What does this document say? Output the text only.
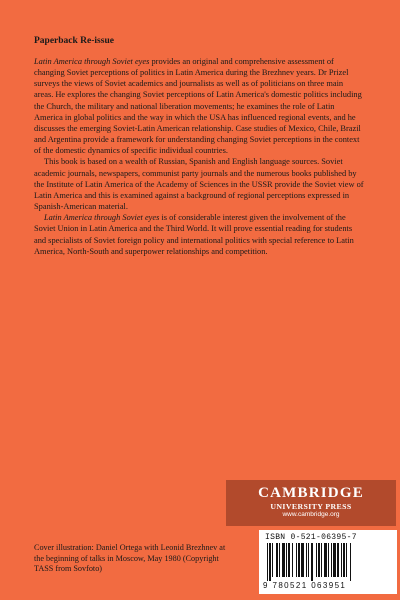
Paperback Re-issue

Latin America through Soviet eyes provides an original and comprehensive assessment of changing Soviet perceptions of politics in Latin America during the Brezhnev years. Dr Prizel surveys the views of Soviet academics and journalists as well as of politicians on three main areas. He explores the changing Soviet perceptions of Latin America's domestic politics including the Church, the military and national liberation movements; he examines the role of Latin America in global politics and the way in which the USA has influenced regional events, and he discusses the emerging Soviet-Latin American relationship. Case studies of Mexico, Chile, Brazil and Argentina provide a framework for understanding changing Soviet perceptions in the context of the domestic dynamics of specific individual countries.

This book is based on a wealth of Russian, Spanish and English language sources. Soviet academic journals, newspapers, communist party journals and the numerous books published by the Institute of Latin America of the Academy of Sciences in the USSR provide the Soviet view of Latin America and this is examined against a background of regional perceptions expressed in Spanish-American material.

Latin America through Soviet eyes is of considerable interest given the involvement of the Soviet Union in Latin America and the Third World. It will prove essential reading for students and specialists of Soviet foreign policy and international politics with special reference to Latin America, North-South and superpower relationships and competition.

CAMBRIDGE
UNIVERSITY PRESS
www.cambridge.org
ISBN 0-521-06395-7
9 780521 063951
Cover illustration: Daniel Ortega with Leonid Brezhnev at the beginning of talks in Moscow, May 1980 (Copyright TASS from Sovfoto)
